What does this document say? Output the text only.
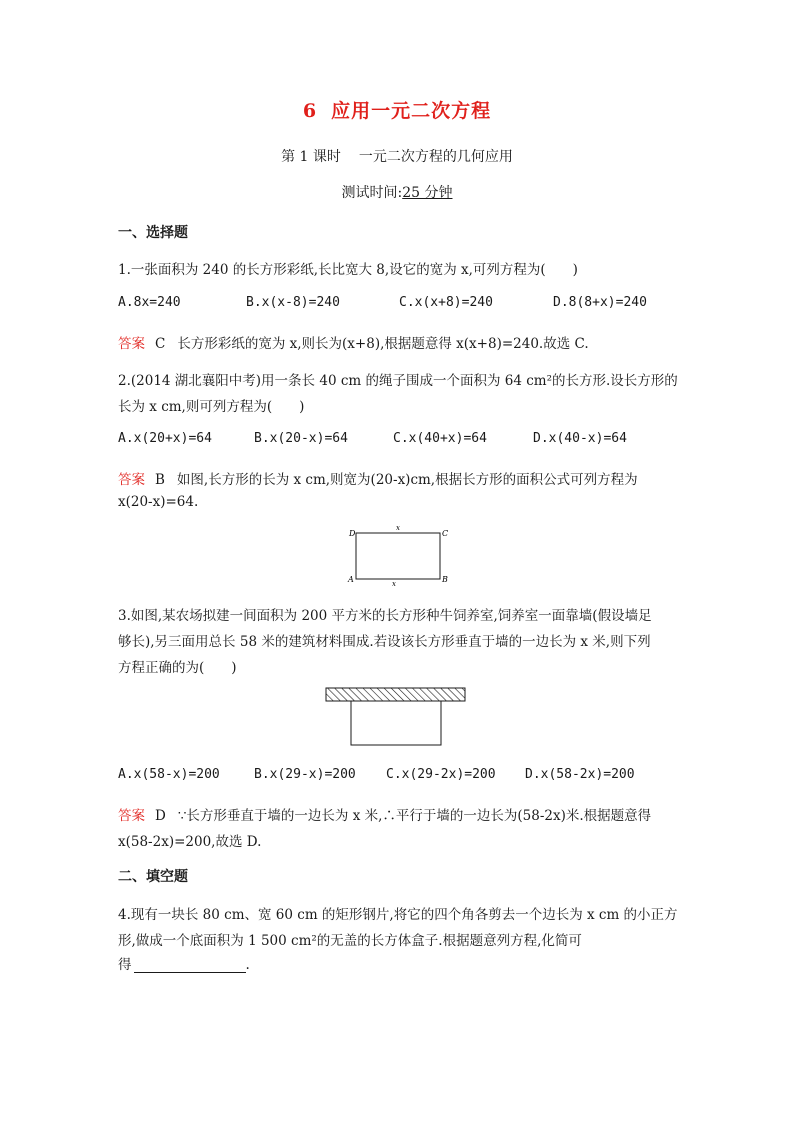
6 应用一元二次方程
第 1 课时 一元二次方程的几何应用
测试时间:25 分钟
一、选择题
1.一张面积为 240 的长方形彩纸,长比宽大 8,设它的宽为 x,可列方程为(　　)
A.8x=240	B.x(x-8)=240	C.x(x+8)=240	D.8(8+x)=240
答案 C 长方形彩纸的宽为 x,则长为(x+8),根据题意得 x(x+8)=240.故选 C.
2.(2014 湖北襄阳中考)用一条长 40 cm 的绳子围成一个面积为 64 cm²的长方形.设长方形的
长为 x cm,则可列方程为(　　)
A.x(20+x)=64	B.x(20-x)=64	C.x(40+x)=64	D.x(40-x)=64
答案 B 如图,长方形的长为 x cm,则宽为(20-x)cm,根据长方形的面积公式可列方程为
x(20-x)=64.
D	C
A	B
x
x
3.如图,某农场拟建一间面积为 200 平方米的长方形种牛饲养室,饲养室一面靠墙(假设墙足
够长),另三面用总长 58 米的建筑材料围成.若设该长方形垂直于墙的一边长为 x 米,则下列
方程正确的为(　　)
A.x(58-x)=200	B.x(29-x)=200 C.x(29-2x)=200 D.x(58-2x)=200
答案 D ∵长方形垂直于墙的一边长为 x 米,∴平行于墙的一边长为(58-2x)米.根据题意得
x(58-2x)=200,故选 D.
二、填空题
4.现有一块长 80 cm、宽 60 cm 的矩形钢片,将它的四个角各剪去一个边长为 x cm 的小正方
形,做成一个底面积为 1 500 cm²的无盖的长方体盒子.根据题意列方程,化简可
得	.
